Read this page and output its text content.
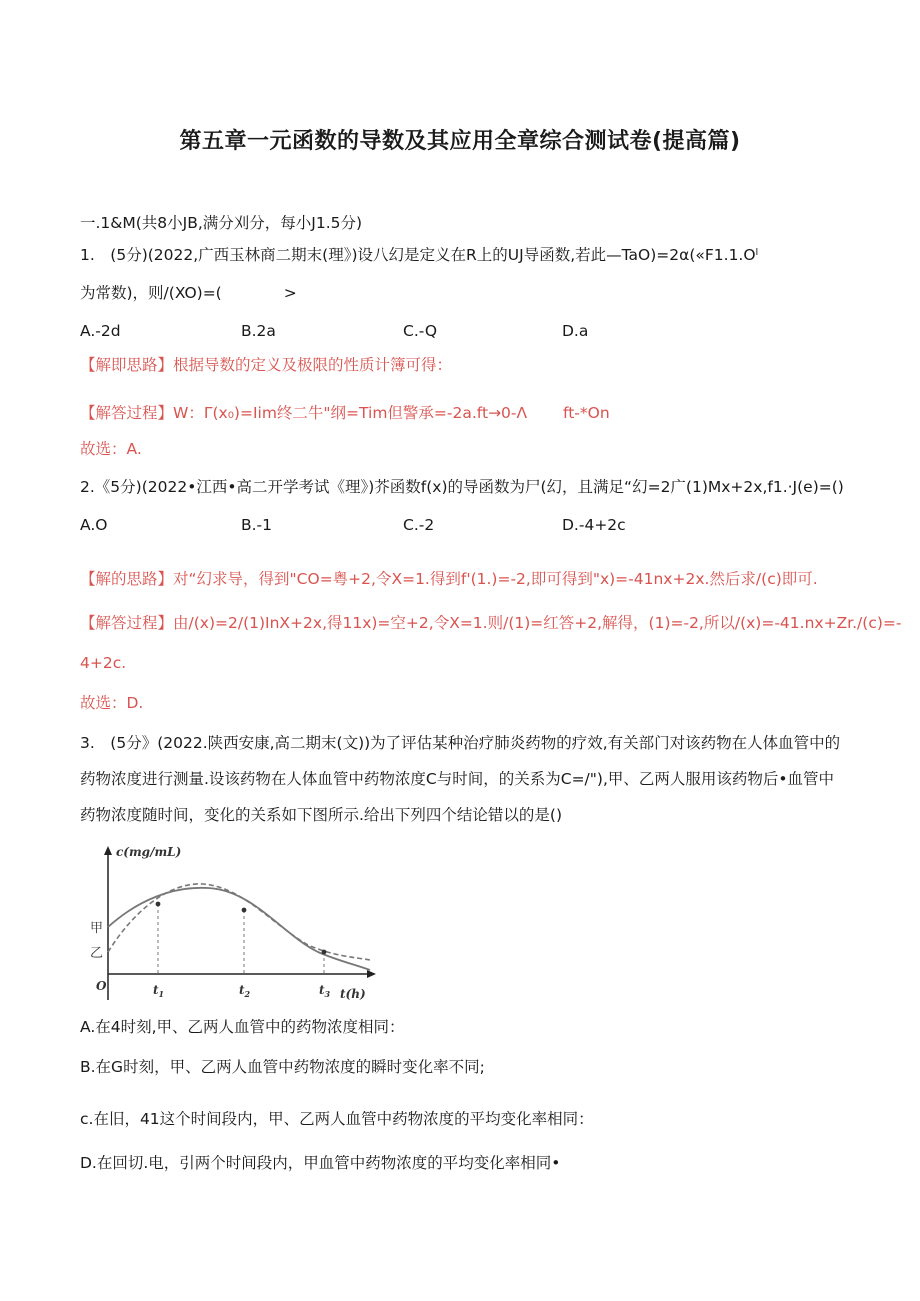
第五章一元函数的导数及其应用全章综合测试卷(提高篇)
一.1&M(共8小JB,满分刈分，每小J1.5分)
1.　(5分)(2022,广西玉林商二期末(理》)设八幻是定义在R上的UJ导函数,若此—TaO)=2α(«F1.1.Oˡ
为常数)，则/(XO)=(　　　　>
A.-2d	B.2a	C.-Q	D.a
【解即思路】根据导数的定义及极限的性质计簿可得：
【解答过程】W：Γ(x₀)=Iim终二牛"纲=Tim但警承=-2a.ft→0-Λ　　 ft-*On
故选：A.
2.《5分)(2022•江西•高二开学考试《理》)芥函数f(x)的导函数为尸(幻，且满足“幻=2广(1)Mx+2x,f1.·J(e)=()
A.O	B.-1	C.-2	D.-4+2c
【解的思路】对“幻求导，得到"CO=粤+2,令X=1.得到f'(1.)=-2,即可得到"x)=-41nx+2x.然后求/(c)即可.
【解答过程】由/(x)=2/(1)InX+2x,得11x)=空+2,令X=1.则/(1)=红答+2,解得，(1)=-2,所以/(x)=-41.nx+Zr./(c)=-
4+2c.
故选：D.
3.　(5分》(2022.陕西安康,高二期末(文))为了评估某种治疗肺炎药物的疗效,有关部门对该药物在人体血管中的
药物浓度进行测量.设该药物在人体血管中药物浓度C与时间，的关系为C=/"),甲、乙两人服用该药物后•血管中
药物浓度随时间，变化的关系如下图所示.给出下列四个结论错以的是()
c(mg/mL)
甲
乙
O
t(h)
$t_1$	$t_2$	$t_3$
A.在4时刻,甲、乙两人血管中的药物浓度相同：
B.在G时刻，甲、乙两人血管中药物浓度的瞬时变化率不同;
c.在旧，41这个时间段内，甲、乙两人血管中药物浓度的平均变化率相同：
D.在回切.电，引两个时间段内，甲血管中药物浓度的平均变化率相同•
